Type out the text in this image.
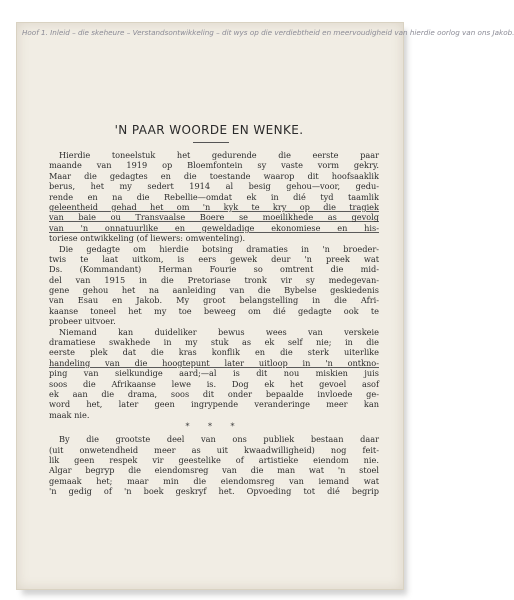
Hoof 1. Inleid – die skeheure – Verstandsontwikkeling – dit wys op die verdiebtheid en meervoudigheid van hierdie oorlog van ons Jakob.
'N PAAR WOORDE EN WENKE.
Hierdie toneelstuk het gedurende die eerste paar
maande van 1919 op Bloemfontein sy vaste vorm gekry.
Maar die gedagtes en die toestande waarop dit hoofsaaklik
berus, het my sedert 1914 al besig gehou—voor, gedu-
rende en na die Rebellie—omdat ek in dié tyd taamlik
geleentheid gehad het om 'n kyk te kry op die tragiek
van baie ou Transvaalse Boere se moeilikhede as gevolg
van 'n onnatuurlike en geweldadige ekonomiese en his-
toriese ontwikkeling (of liewers: omwenteling).
Die gedagte om hierdie botsing dramaties in 'n broeder-
twis te laat uitkom, is eers gewek deur 'n preek wat
Ds. (Kommandant) Herman Fourie so omtrent die mid-
del van 1915 in die Pretoriase tronk vir sy medegevan-
gene gehou het na aanleiding van die Bybelse geskiedenis
van Esau en Jakob. My groot belangstelling in die Afri-
kaanse toneel het my toe beweeg om dié gedagte ook te
probeer uitvoer.
Niemand kan duideliker bewus wees van verskeie
dramatiese swakhede in my stuk as ek self nie; in die
eerste plek dat die kras konflik en die sterk uiterlike
handeling van die hoogtepunt later uitloop in 'n ontkno-
ping van sielkundige aard;—al is dit nou miskien juis
soos die Afrikaanse lewe is. Dog ek het gevoel asof
ek aan die drama, soos dit onder bepaalde invloede ge-
word het, later geen ingrypende veranderinge meer kan
maak nie.
* * *
By die grootste deel van ons publiek bestaan daar
(uit onwetendheid meer as uit kwaadwilligheid) nog feit-
lik geen respek vir geestelike of artistieke eiendom nie.
Algar begryp die eiendomsreg van die man wat 'n stoel
gemaak het; maar min die eiendomsreg van iemand wat
'n gedig of 'n boek geskryf het. Opvoeding tot dié begrip
